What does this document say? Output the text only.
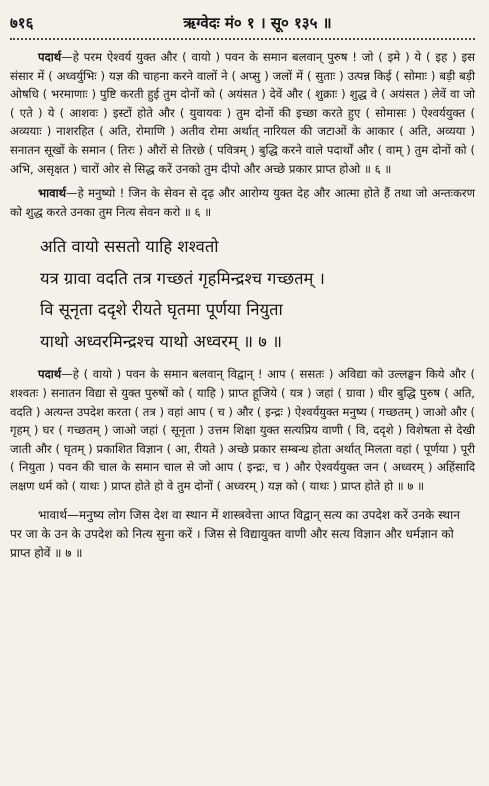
७१६	ऋग्वेदः मं० १ । सू० १३५ ॥

पदार्थ—हे परम ऐश्वर्य युक्त और ( वायो ) पवन के समान बलवान् पुरुष ! जो ( इमे ) ये ( इह ) इस संसार में ( अध्वर्युभिः ) यज्ञ की चाहना करने वालों ने ( अप्सु ) जलों में ( सुताः ) उत्पन्न किई ( सोमाः ) बड़ी बड़ी ओषधि ( भरमाणाः ) पुष्टि करती हुई तुम दोनों को ( अयंसत ) देवें और ( शुक्राः ) शुद्ध वे ( अयंसत ) लेवें वा जो ( एते ) ये ( आशवः ) इस्टों होते और ( युवायवः ) तुम दोनों की इच्छा करते हुए ( सोमासः ) ऐश्वर्ययुक्त ( अव्ययाः ) नाशरहित ( अति, रोमाणि ) अतीव रोमा अर्थात् नारियल की जटाओं के आकार ( अति, अव्यया ) सनातन सूखों के समान ( तिरः ) औरों से तिरछे ( पवित्रम् ) बुद्धि करने वाले पदार्थों और ( वाम् ) तुम दोनों को ( अभि, असृक्षत ) चारों ओर से सिद्ध करें उनको तुम दीपो और अच्छे प्रकार प्राप्त होओ ॥ ६ ॥

भावार्थ—हे मनुष्यो ! जिन के सेवन से दृढ़ और आरोग्य युक्त देह और आत्मा होते हैं तथा जो अन्तःकरण को शुद्ध करते उनका तुम नित्य सेवन करो ॥ ६ ॥

अति वायो ससतो याहि शश्वतो
यत्र ग्रावा वदति तत्र गच्छतं गृहमिन्द्रश्च गच्छतम् ।
वि सूनृता ददृशे रीयते घृतमा पूर्णया नियुता
याथो अध्वरमिन्द्रश्च याथो अध्वरम् ॥ ७ ॥

पदार्थ—हे ( वायो ) पवन के समान बलवान् विद्वान् ! आप ( ससतः ) अविद्या को उल्लङ्घन किये और ( शश्वतः ) सनातन विद्या से युक्त पुरुषों को ( याहि ) प्राप्त हूजिये ( यत्र ) जहां ( ग्रावा ) धीर बुद्धि पुरुष ( अति, वदति ) अत्यन्त उपदेश करता ( तत्र ) वहां आप ( च ) और ( इन्द्रः ) ऐश्वर्ययुक्त मनुष्य ( गच्छतम् ) जाओ और ( गृहम् ) घर ( गच्छतम् ) जाओ जहां ( सूनृता ) उत्तम शिक्षा युक्त सत्यप्रिय वाणी ( वि, ददृशे ) विशेषता से देखी जाती और ( घृतम् ) प्रकाशित विज्ञान ( आ, रीयते ) अच्छे प्रकार सम्बन्ध होता अर्थात् मिलता वहां ( पूर्णया ) पूरी ( नियुता ) पवन की चाल के समान चाल से जो आप ( इन्द्रः, च ) और ऐश्वर्ययुक्त जन ( अध्वरम् ) अहिंसादि लक्षण धर्म को ( याथः ) प्राप्त होते हो वे तुम दोनों ( अध्वरम् ) यज्ञ को ( याथः ) प्राप्त होते हो ॥ ७ ॥

भावार्थ—मनुष्य लोग जिस देश वा स्थान में शास्त्रवेत्ता आप्त विद्वान् सत्य का उपदेश करें उनके स्थान पर जा के उन के उपदेश को नित्य सुना करें । जिस से विद्यायुक्त वाणी और सत्य विज्ञान और धर्मज्ञान को प्राप्त होवें ॥ ७ ॥
